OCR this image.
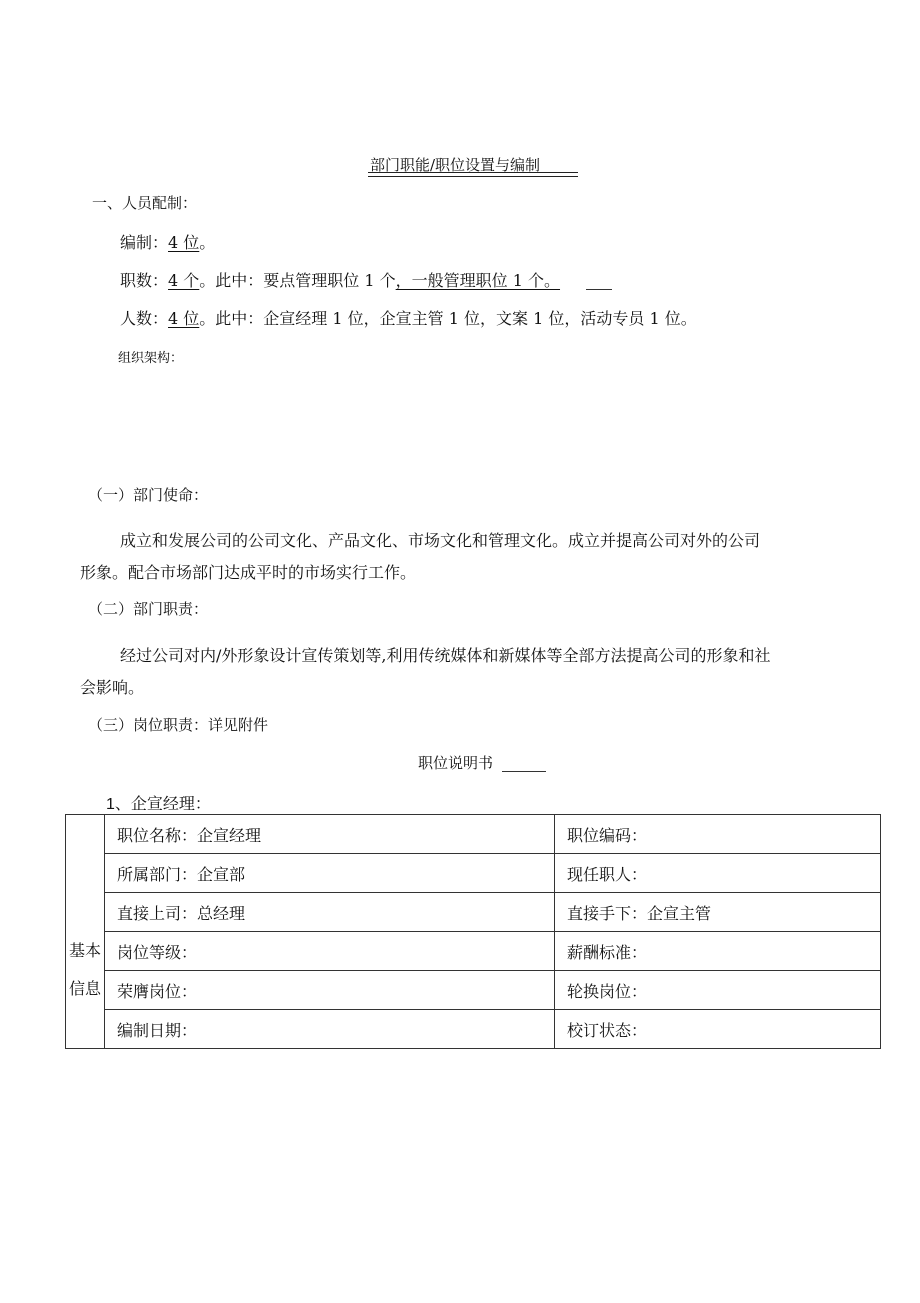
部门职能/职位设置与编制
一、人员配制：
编制：4 位。
职数：4 个。此中：要点管理职位 1 个，一般管理职位 1 个。
人数：4 位。此中：企宣经理 1 位，企宣主管 1 位，文案 1 位，活动专员 1 位。
组织架构：
（一）部门使命：
成立和发展公司的公司文化、产品文化、市场文化和管理文化。成立并提高公司对外的公司
形象。配合市场部门达成平时的市场实行工作。
（二）部门职责：
经过公司对内/外形象设计宣传策划等,利用传统媒体和新媒体等全部方法提高公司的形象和社
会影响。
（三）岗位职责：详见附件
职位说明书
1、企宣经理：
基本
信息	职位名称：企宣经理	职位编码：
	所属部门：企宣部	现任职人：
	直接上司：总经理	直接手下：企宣主管
	岗位等级：	薪酬标准：
	荣膺岗位：	轮换岗位：
	编制日期：	校订状态：
